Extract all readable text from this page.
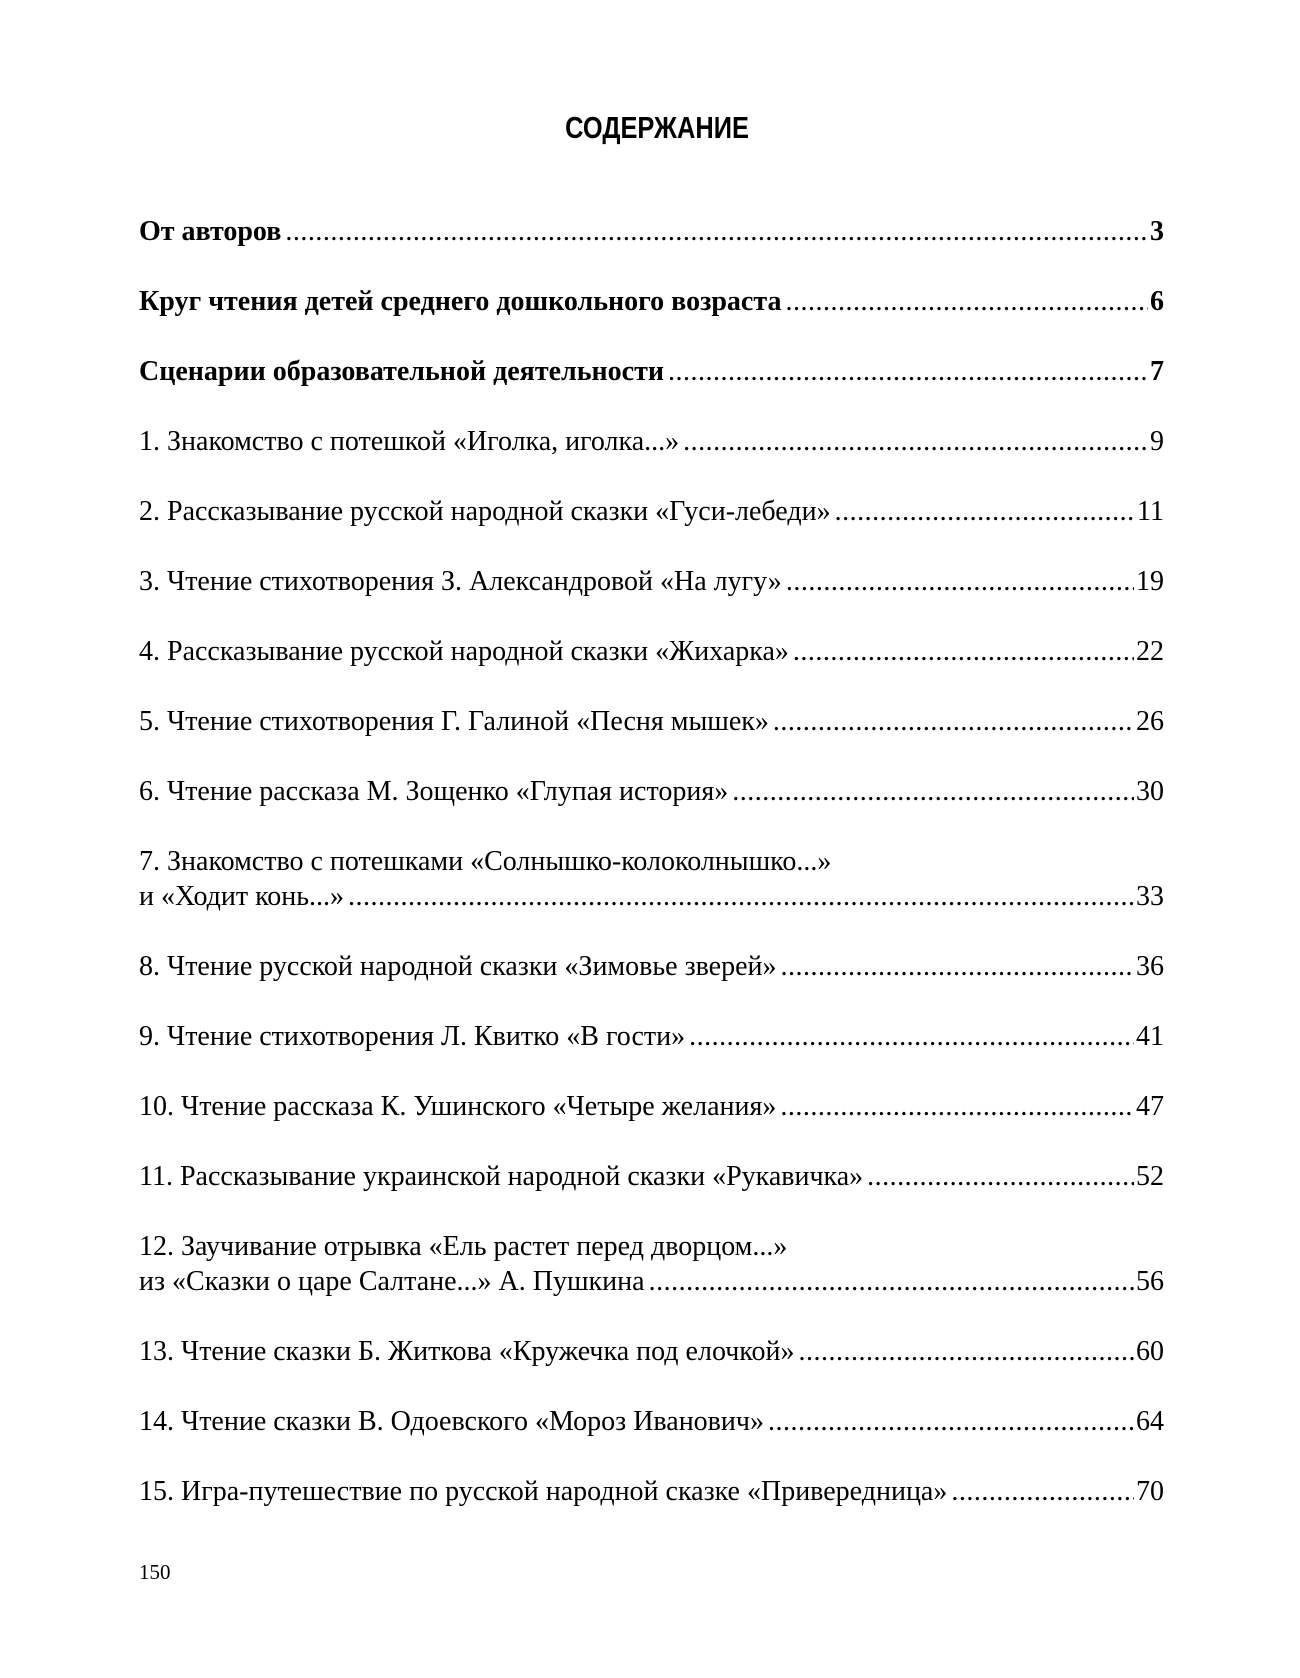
СОДЕРЖАНИЕ
От авторов .....	3
Круг чтения детей среднего дошкольного возраста .....	6
Сценарии образовательной деятельности .....	7
1. Знакомство с потешкой «Иголка, иголка...» .....	9
2. Рассказывание русской народной сказки «Гуси-лебеди» .....	11
3. Чтение стихотворения З. Александровой «На лугу» .....	19
4. Рассказывание русской народной сказки «Жихарка» .....	22
5. Чтение стихотворения Г. Галиной «Песня мышек» .....	26
6. Чтение рассказа М. Зощенко «Глупая история» .....	30
7. Знакомство с потешками «Солнышко-колоколнышко...»
и «Ходит конь...» .....	33
8. Чтение русской народной сказки «Зимовье зверей» .....	36
9. Чтение стихотворения Л. Квитко «В гости» .....	41
10. Чтение рассказа К. Ушинского «Четыре желания» .....	47
11. Рассказывание украинской народной сказки «Рукавичка» .....	52
12. Заучивание отрывка «Ель растет перед дворцом...»
из «Сказки о царе Салтане...» А. Пушкина .....	56
13. Чтение сказки Б. Житкова «Кружечка под елочкой» .....	60
14. Чтение сказки В. Одоевского «Мороз Иванович» .....	64
15. Игра-путешествие по русской народной сказке «Привередница» .....	70
150
